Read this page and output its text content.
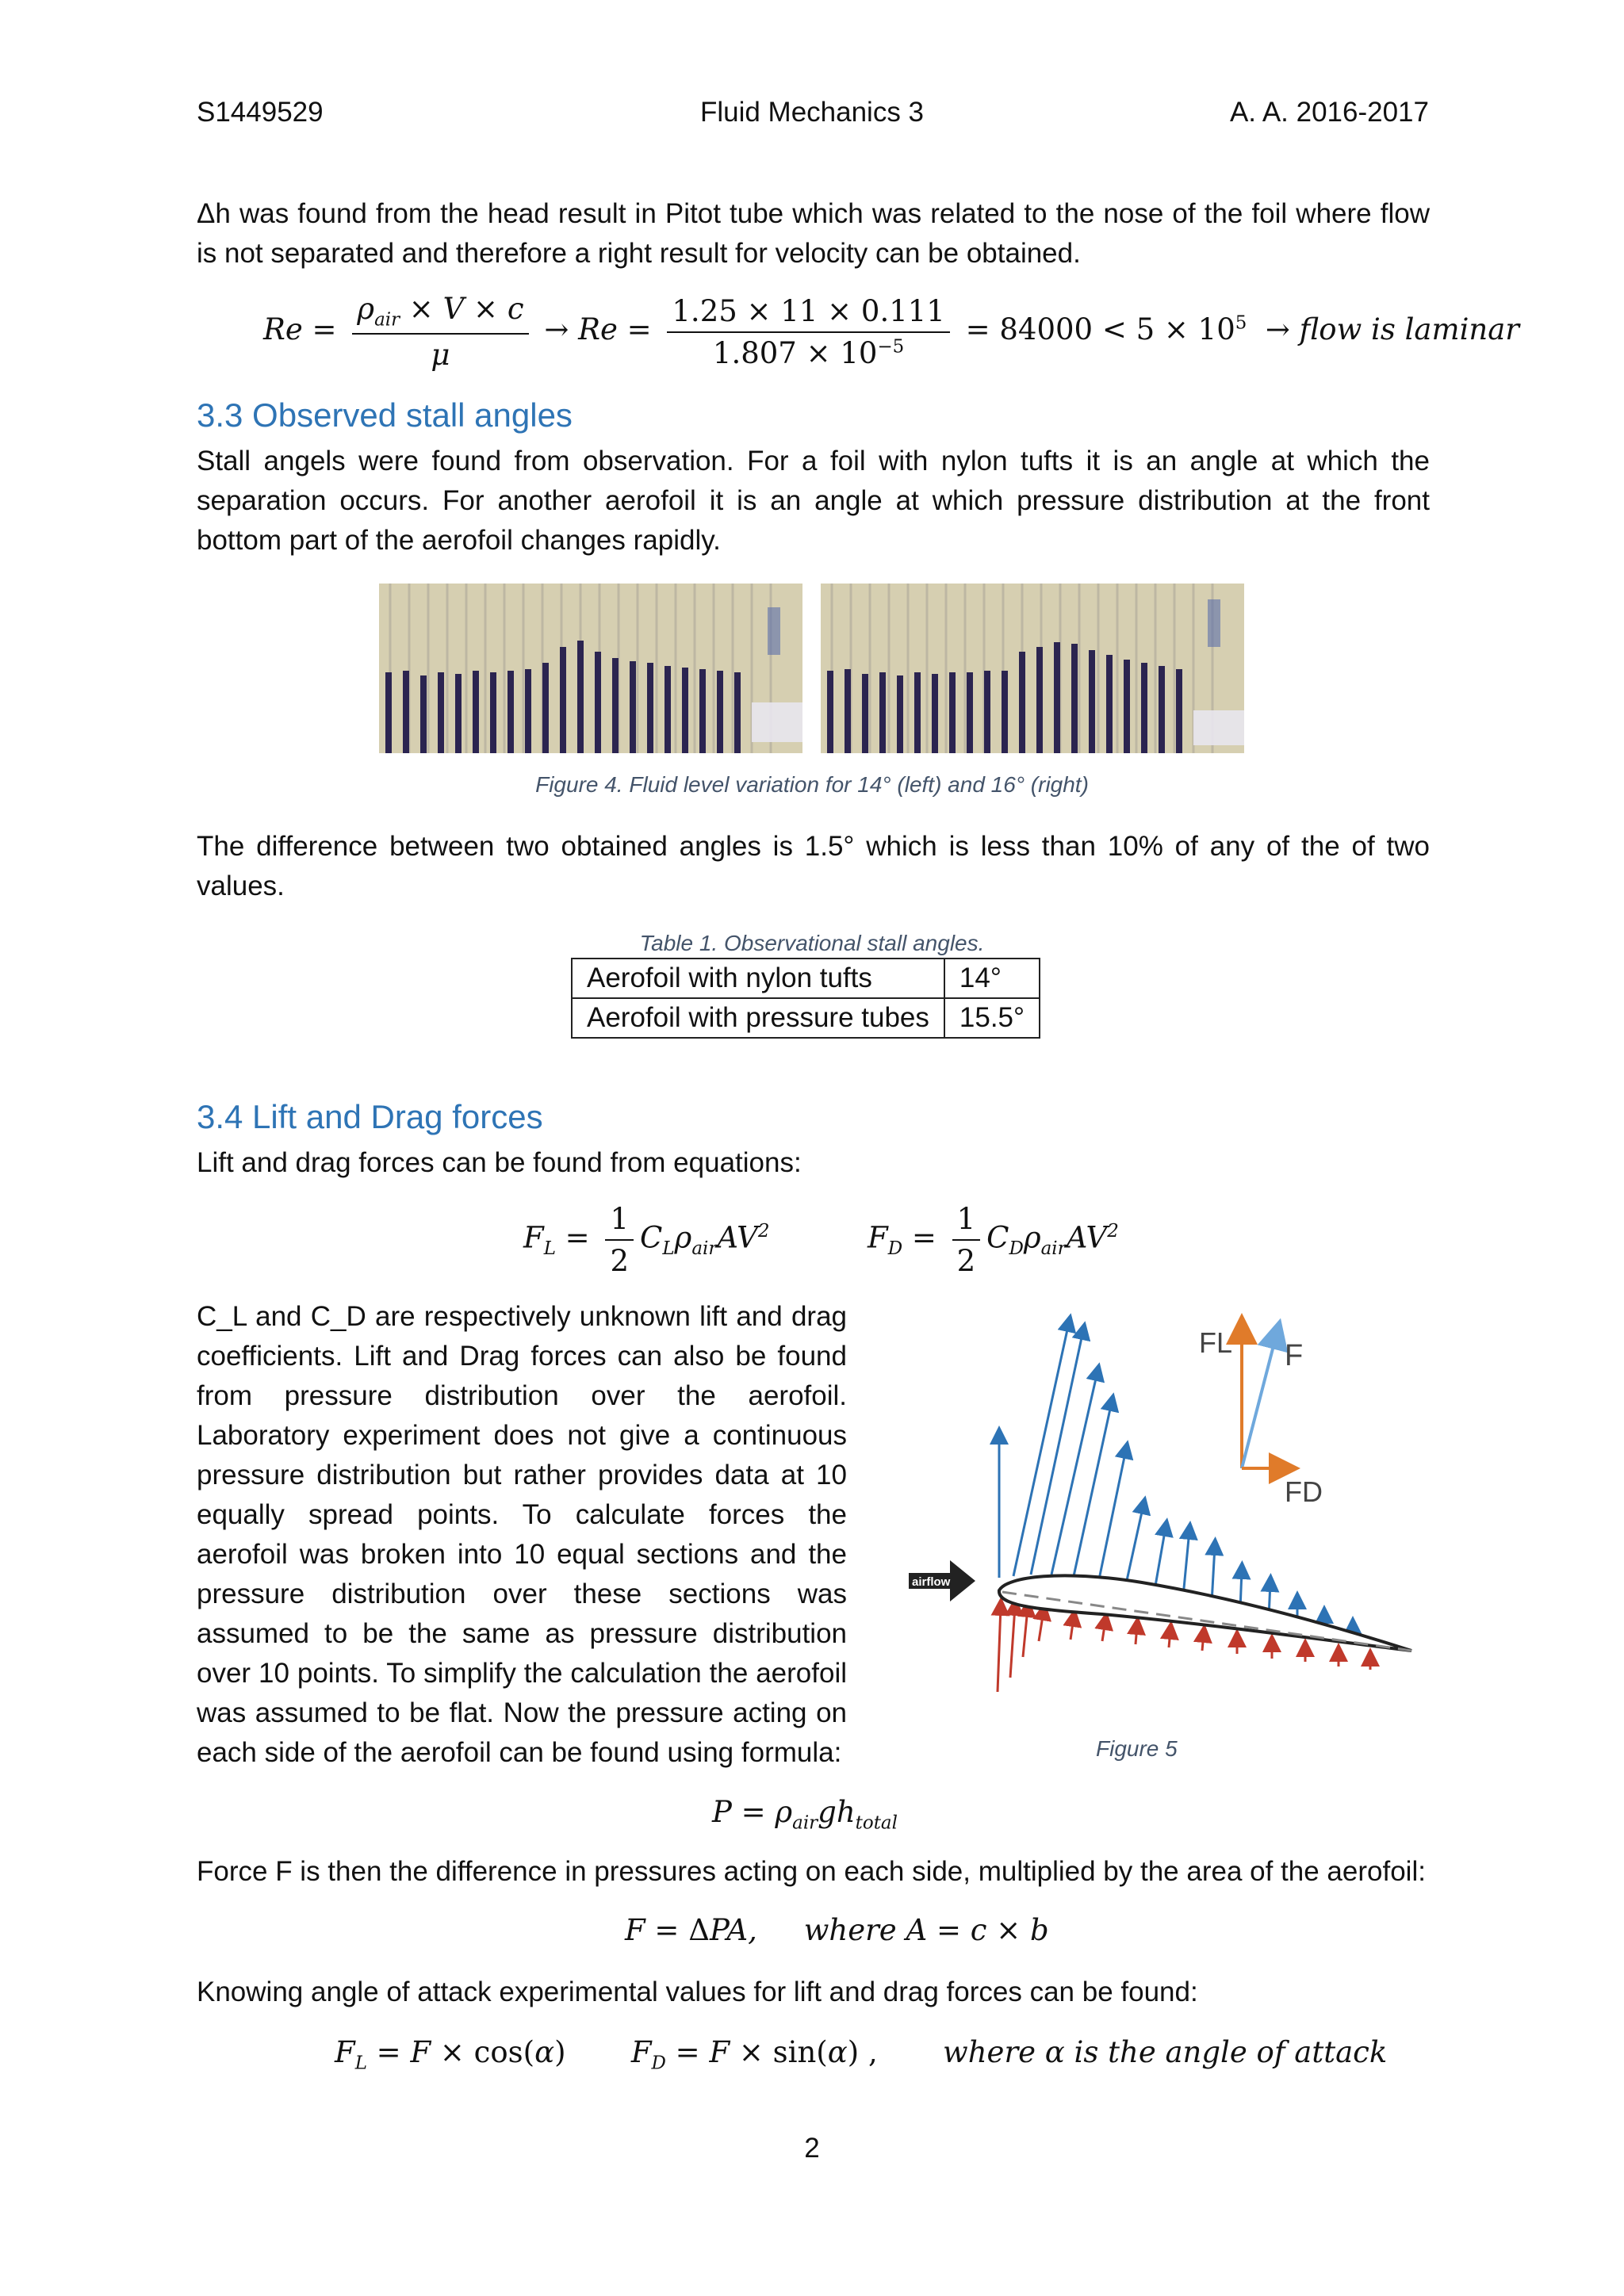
S1449529	Fluid Mechanics 3	A. A. 2016-2017
Δh was found from the head result in Pitot tube which was related to the nose of the foil where flow is not separated and therefore a right result for velocity can be obtained.
$Re = \frac{\rho_{air} \times V \times c}{\mu} \to Re = \frac{1.25 \times 11 \times 0.111}{1.807 \times 10^{-5}} = 84000 < 5 \times 10^5$  → flow is laminar
3.3 Observed stall angles
Stall angels were found from observation. For a foil with nylon tufts it is an angle at which the separation occurs. For another aerofoil it is an angle at which pressure distribution at the front bottom part of the aerofoil changes rapidly.
Figure 4. Fluid level variation for 14° (left) and 16° (right)
The difference between two obtained angles is 1.5° which is less than 10% of any of the of two values.
Table 1. Observational stall angles.
Aerofoil with nylon tufts	14°
Aerofoil with pressure tubes	15.5°
3.4 Lift and Drag forces
Lift and drag forces can be found from equations:
$F_L = \frac{1}{2} C_L\rho_{air}AV^2$	$F_D = \frac{1}{2} C_D\rho_{air}AV^2$
C_L and C_D are respectively unknown lift and drag coefficients. Lift and Drag forces can also be found from pressure distribution over the aerofoil. Laboratory experiment does not give a continuous pressure distribution but rather provides data at 10 equally spread points. To calculate forces the aerofoil was broken into 10 equal sections and the pressure distribution over these sections was assumed to be the same as pressure distribution over 10 points. To simplify the calculation the aerofoil was assumed to be flat. Now the pressure acting on each side of the aerofoil can be found using formula:
airflow
FL F
FD
Figure 5
$P = \rho_{air}gh_{total}$
Force F is then the difference in pressures acting on each side, multiplied by the area of the aerofoil:
F = ΔPA,     where A = c × b
Knowing angle of attack experimental values for lift and drag forces can be found:
$F_L = F \times \cos(\alpha)$       $F_D = F \times \sin(\alpha)$ ,       where α is the angle of attack
2
